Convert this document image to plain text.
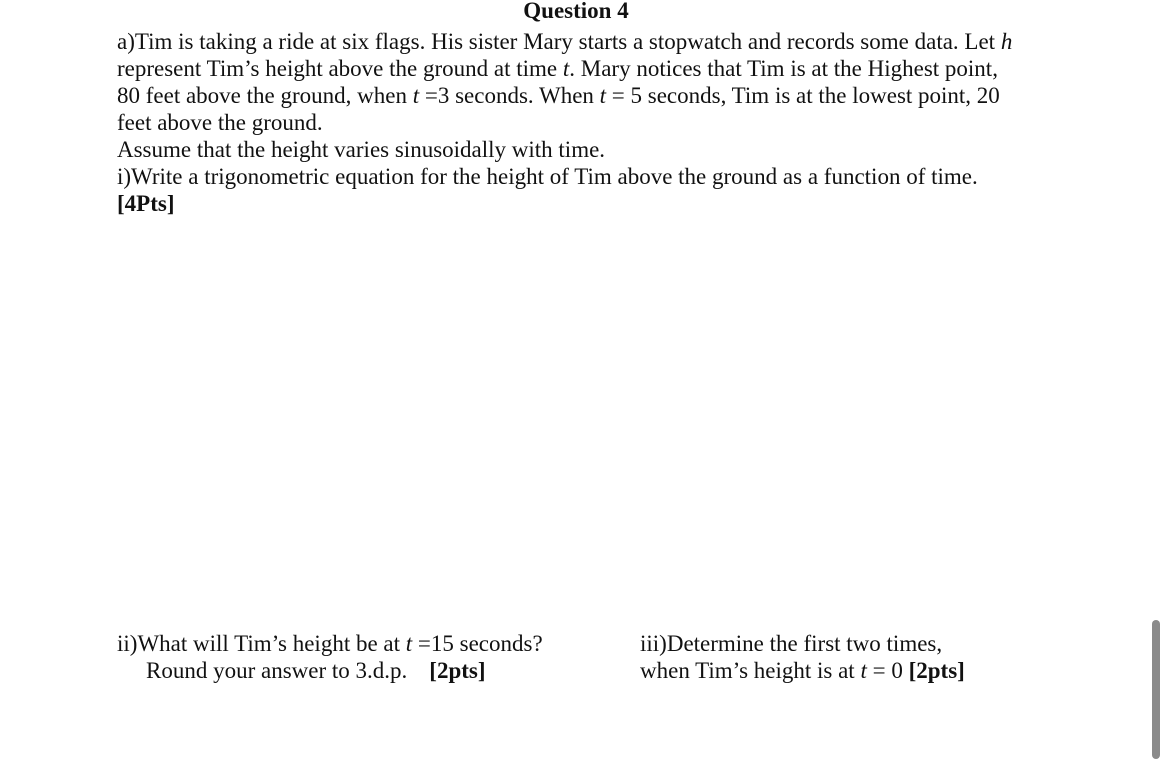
Question 4
a)Tim is taking a ride at six flags. His sister Mary starts a stopwatch and records some data. Let h
represent Tim’s height above the ground at time t. Mary notices that Tim is at the Highest point,
80 feet above the ground, when t =3 seconds. When t = 5 seconds, Tim is at the lowest point, 20
feet above the ground.
Assume that the height varies sinusoidally with time.
i)Write a trigonometric equation for the height of Tim above the ground as a function of time.
[4Pts]
ii)What will Tim’s height be at t =15 seconds?
Round your answer to 3.d.p. [2pts]
iii)Determine the first two times,
when Tim’s height is at t = 0 [2pts]
